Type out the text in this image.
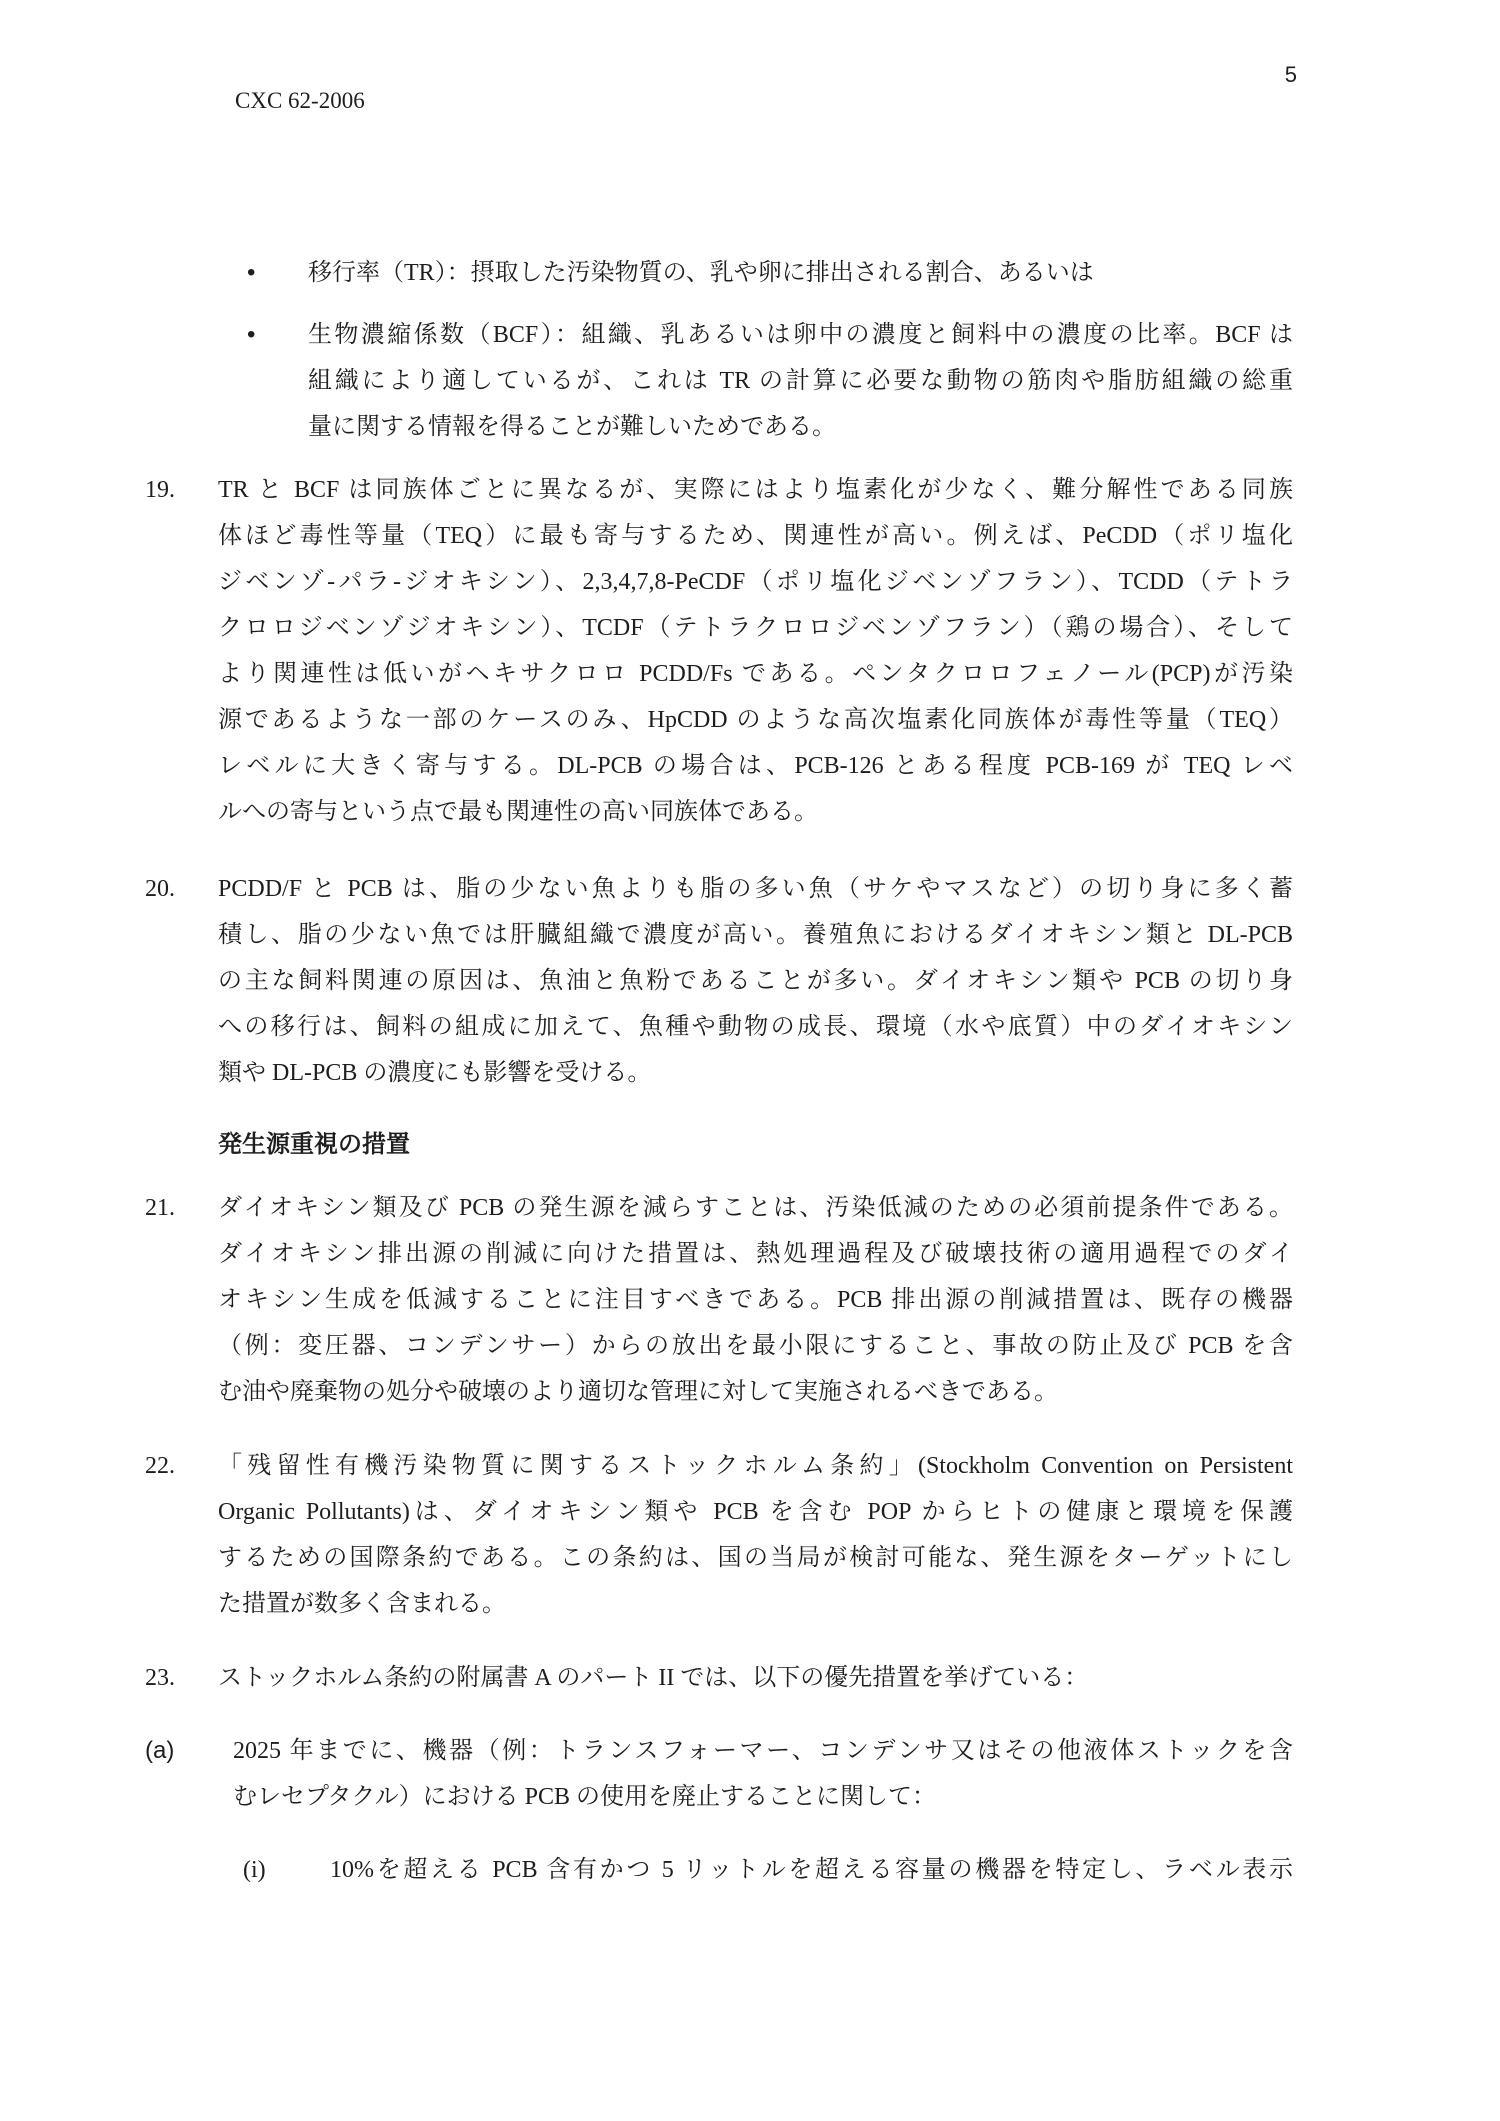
5
CXC 62-2006
• 移行率（TR）：摂取した汚染物質の、乳や卵に排出される割合、あるいは
• 生物濃縮係数（BCF）：組織、乳あるいは卵中の濃度と飼料中の濃度の比率。BCF は
組織により適しているが、これは TR の計算に必要な動物の筋肉や脂肪組織の総重
量に関する情報を得ることが難しいためである。
19. TR と BCF は同族体ごとに異なるが、実際にはより塩素化が少なく、難分解性である同族
体ほど毒性等量（TEQ）に最も寄与するため、関連性が高い。例えば、PeCDD（ポリ塩化
ジベンゾ-パラ-ジオキシン）、2,3,4,7,8-PeCDF（ポリ塩化ジベンゾフラン）、TCDD（テトラ
クロロジベンゾジオキシン）、TCDF（テトラクロロジベンゾフラン）（鶏の場合）、そして
より関連性は低いがヘキサクロロ PCDD/Fs である。ペンタクロロフェノール(PCP)が汚染
源であるような一部のケースのみ、HpCDD のような高次塩素化同族体が毒性等量（TEQ）
レベルに大きく寄与する。DL-PCB の場合は、PCB-126 とある程度 PCB-169 が TEQ レベ
ルへの寄与という点で最も関連性の高い同族体である。
20. PCDD/F と PCB は、脂の少ない魚よりも脂の多い魚（サケやマスなど）の切り身に多く蓄
積し、脂の少ない魚では肝臓組織で濃度が高い。養殖魚におけるダイオキシン類と DL-PCB
の主な飼料関連の原因は、魚油と魚粉であることが多い。ダイオキシン類や PCB の切り身
への移行は、飼料の組成に加えて、魚種や動物の成長、環境（水や底質）中のダイオキシン
類や DL-PCB の濃度にも影響を受ける。
発生源重視の措置
21. ダイオキシン類及び PCB の発生源を減らすことは、汚染低減のための必須前提条件である。
ダイオキシン排出源の削減に向けた措置は、熱処理過程及び破壊技術の適用過程でのダイ
オキシン生成を低減することに注目すべきである。PCB 排出源の削減措置は、既存の機器
（例：変圧器、コンデンサー）からの放出を最小限にすること、事故の防止及び PCB を含
む油や廃棄物の処分や破壊のより適切な管理に対して実施されるべきである。
22. 「残留性有機汚染物質に関するストックホルム条約」(Stockholm Convention on Persistent
Organic Pollutants)は、ダイオキシン類や PCB を含む POP からヒトの健康と環境を保護
するための国際条約である。この条約は、国の当局が検討可能な、発生源をターゲットにし
た措置が数多く含まれる。
23. ストックホルム条約の附属書 A のパート II では、以下の優先措置を挙げている：
(a) 2025 年までに、機器（例：トランスフォーマー、コンデンサ又はその他液体ストックを含
むレセプタクル）における PCB の使用を廃止することに関して：
(i)	10%を超える PCB 含有かつ 5 リットルを超える容量の機器を特定し、ラベル表示
